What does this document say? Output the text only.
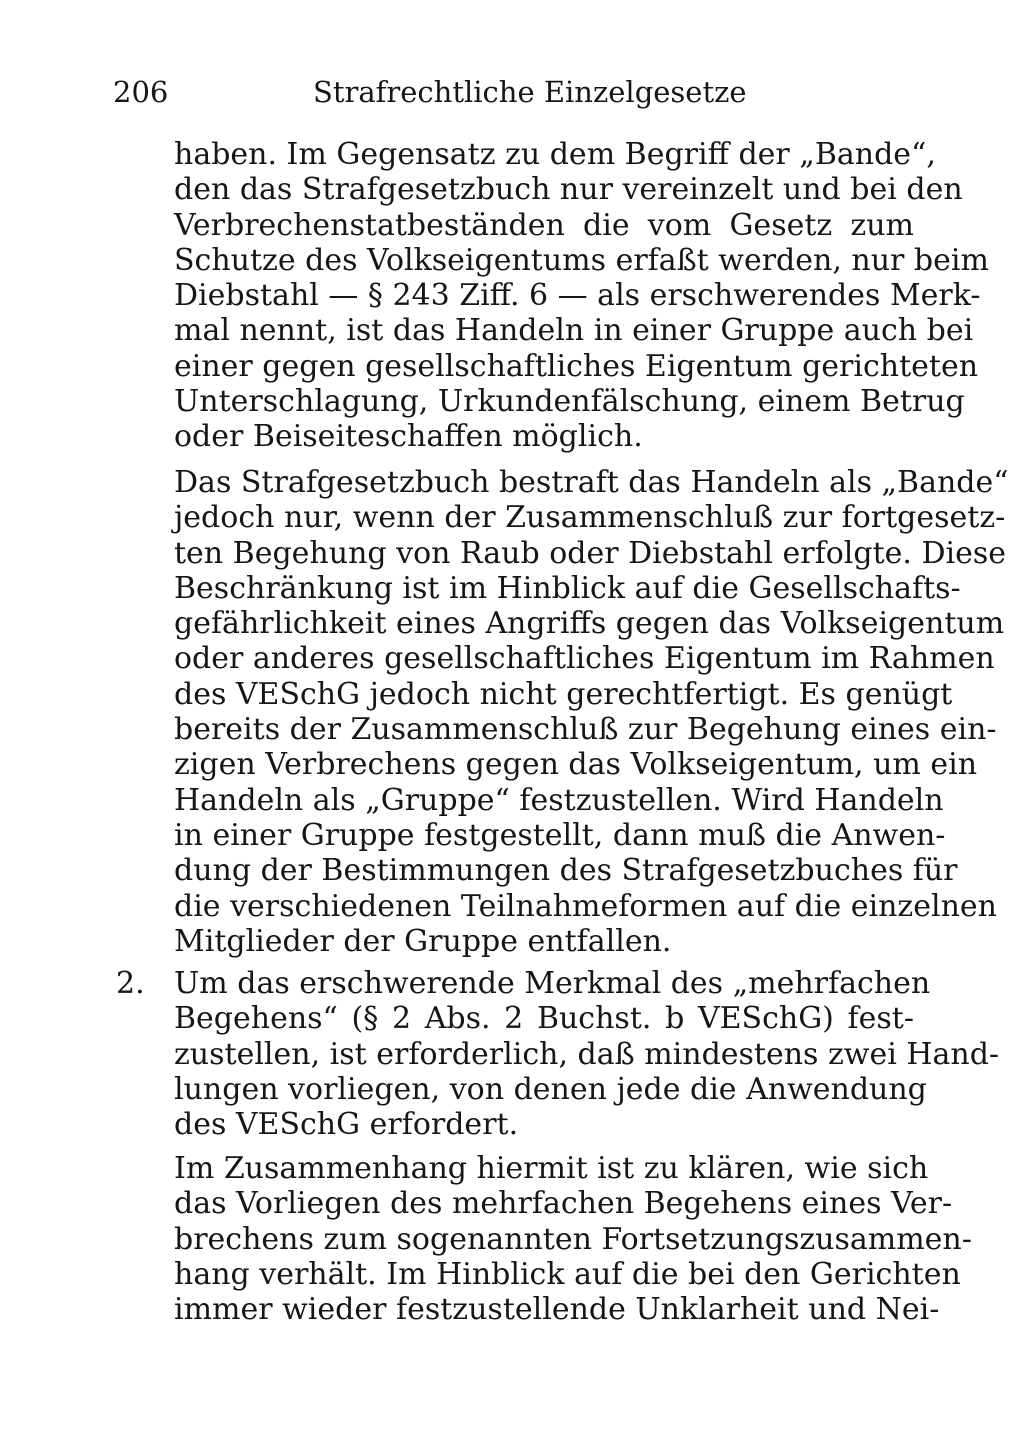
206	Strafrechtliche Einzelgesetze
haben. Im Gegensatz zu dem Begriff der „Bande“,
den das Strafgesetzbuch nur vereinzelt und bei den
Verbrechenstatbeständen die vom Gesetz zum
Schutze des Volkseigentums erfaßt werden, nur beim
Diebstahl — § 243 Ziff. 6 — als erschwerendes Merk-
mal nennt, ist das Handeln in einer Gruppe auch bei
einer gegen gesellschaftliches Eigentum gerichteten
Unterschlagung, Urkundenfälschung, einem Betrug
oder Beiseiteschaffen möglich.
Das Strafgesetzbuch bestraft das Handeln als „Bande“
jedoch nur, wenn der Zusammenschluß zur fortgesetz-
ten Begehung von Raub oder Diebstahl erfolgte. Diese
Beschränkung ist im Hinblick auf die Gesellschafts-
gefährlichkeit eines Angriffs gegen das Volkseigentum
oder anderes gesellschaftliches Eigentum im Rahmen
des VESchG jedoch nicht gerechtfertigt. Es genügt
bereits der Zusammenschluß zur Begehung eines ein-
zigen Verbrechens gegen das Volkseigentum, um ein
Handeln als „Gruppe“ festzustellen. Wird Handeln
in einer Gruppe festgestellt, dann muß die Anwen-
dung der Bestimmungen des Strafgesetzbuches für
die verschiedenen Teilnahmeformen auf die einzelnen
Mitglieder der Gruppe entfallen.
2. Um das erschwerende Merkmal des „mehrfachen
Begehens“ (§ 2 Abs. 2 Buchst. b VESchG) fest-
zustellen, ist erforderlich, daß mindestens zwei Hand-
lungen vorliegen, von denen jede die Anwendung
des VESchG erfordert.
Im Zusammenhang hiermit ist zu klären, wie sich
das Vorliegen des mehrfachen Begehens eines Ver-
brechens zum sogenannten Fortsetzungszusammen-
hang verhält. Im Hinblick auf die bei den Gerichten
immer wieder festzustellende Unklarheit und Nei-
